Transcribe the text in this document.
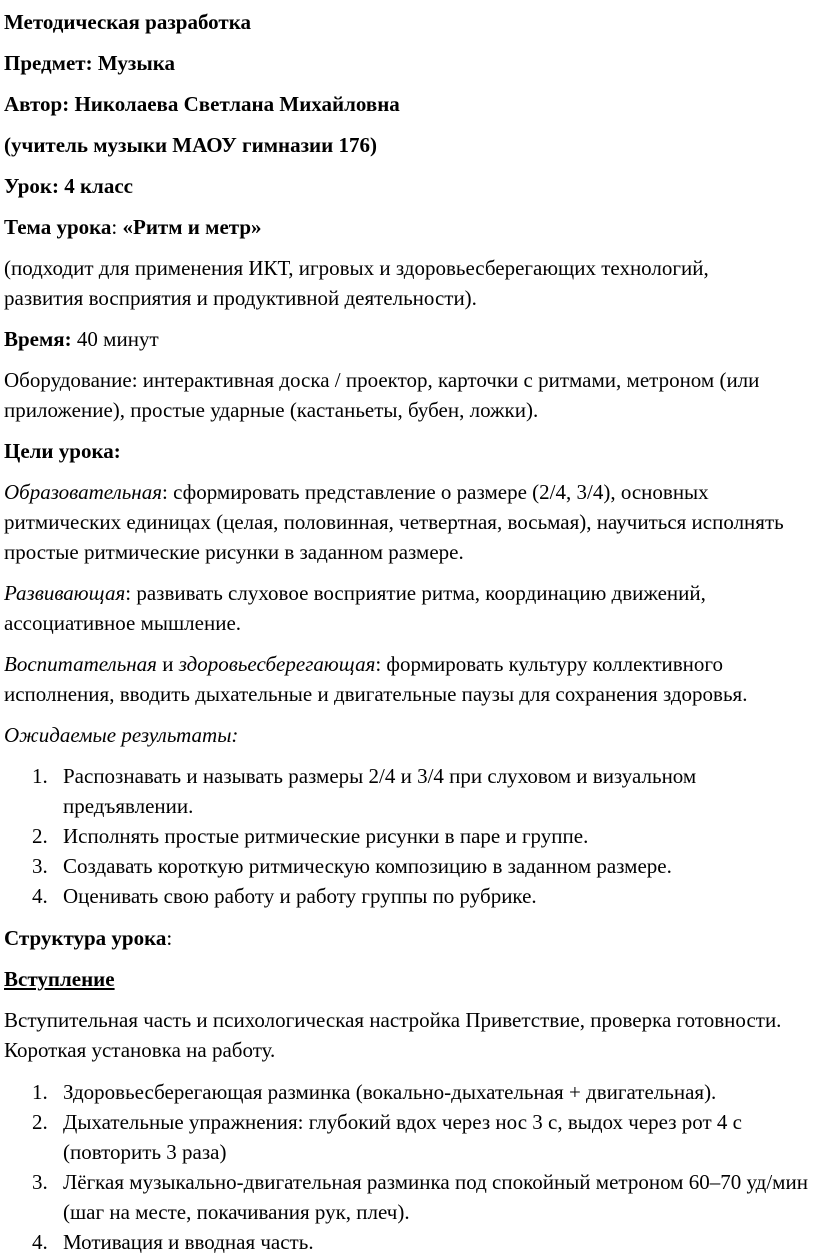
Методическая разработка

Предмет: Музыка

Автор: Николаева Светлана Михайловна

(учитель музыки МАОУ гимназии 176)

Урок: 4 класс

Тема урока: «Ритм и метр»

(подходит для применения ИКТ, игровых и здоровьесберегающих технологий, развития восприятия и продуктивной деятельности).

Время: 40 минут

Оборудование: интерактивная доска / проектор, карточки с ритмами, метроном (или приложение), простые ударные (кастаньеты, бубен, ложки).

Цели урока:

Образовательная: сформировать представление о размере (2/4, 3/4), основных ритмических единицах (целая, половинная, четвертная, восьмая), научиться исполнять простые ритмические рисунки в заданном размере.

Развивающая: развивать слуховое восприятие ритма, координацию движений, ассоциативное мышление.

Воспитательная и здоровьесберегающая: формировать культуру коллективного исполнения, вводить дыхательные и двигательные паузы для сохранения здоровья.

Ожидаемые результаты:

1. Распознавать и называть размеры 2/4 и 3/4 при слуховом и визуальном предъявлении.
2. Исполнять простые ритмические рисунки в паре и группе.
3. Создавать короткую ритмическую композицию в заданном размере.
4. Оценивать свою работу и работу группы по рубрике.

Структура урока:

Вступление

Вступительная часть и психологическая настройка Приветствие, проверка готовности. Короткая установка на работу.

1. Здоровьесберегающая разминка (вокально-дыхательная + двигательная).
2. Дыхательные упражнения: глубокий вдох через нос 3 с, выдох через рот 4 с (повторить 3 раза)
3. Лёгкая музыкально-двигательная разминка под спокойный метроном 60–70 уд/мин (шаг на месте, покачивания рук, плеч).
4. Мотивация и вводная часть.
